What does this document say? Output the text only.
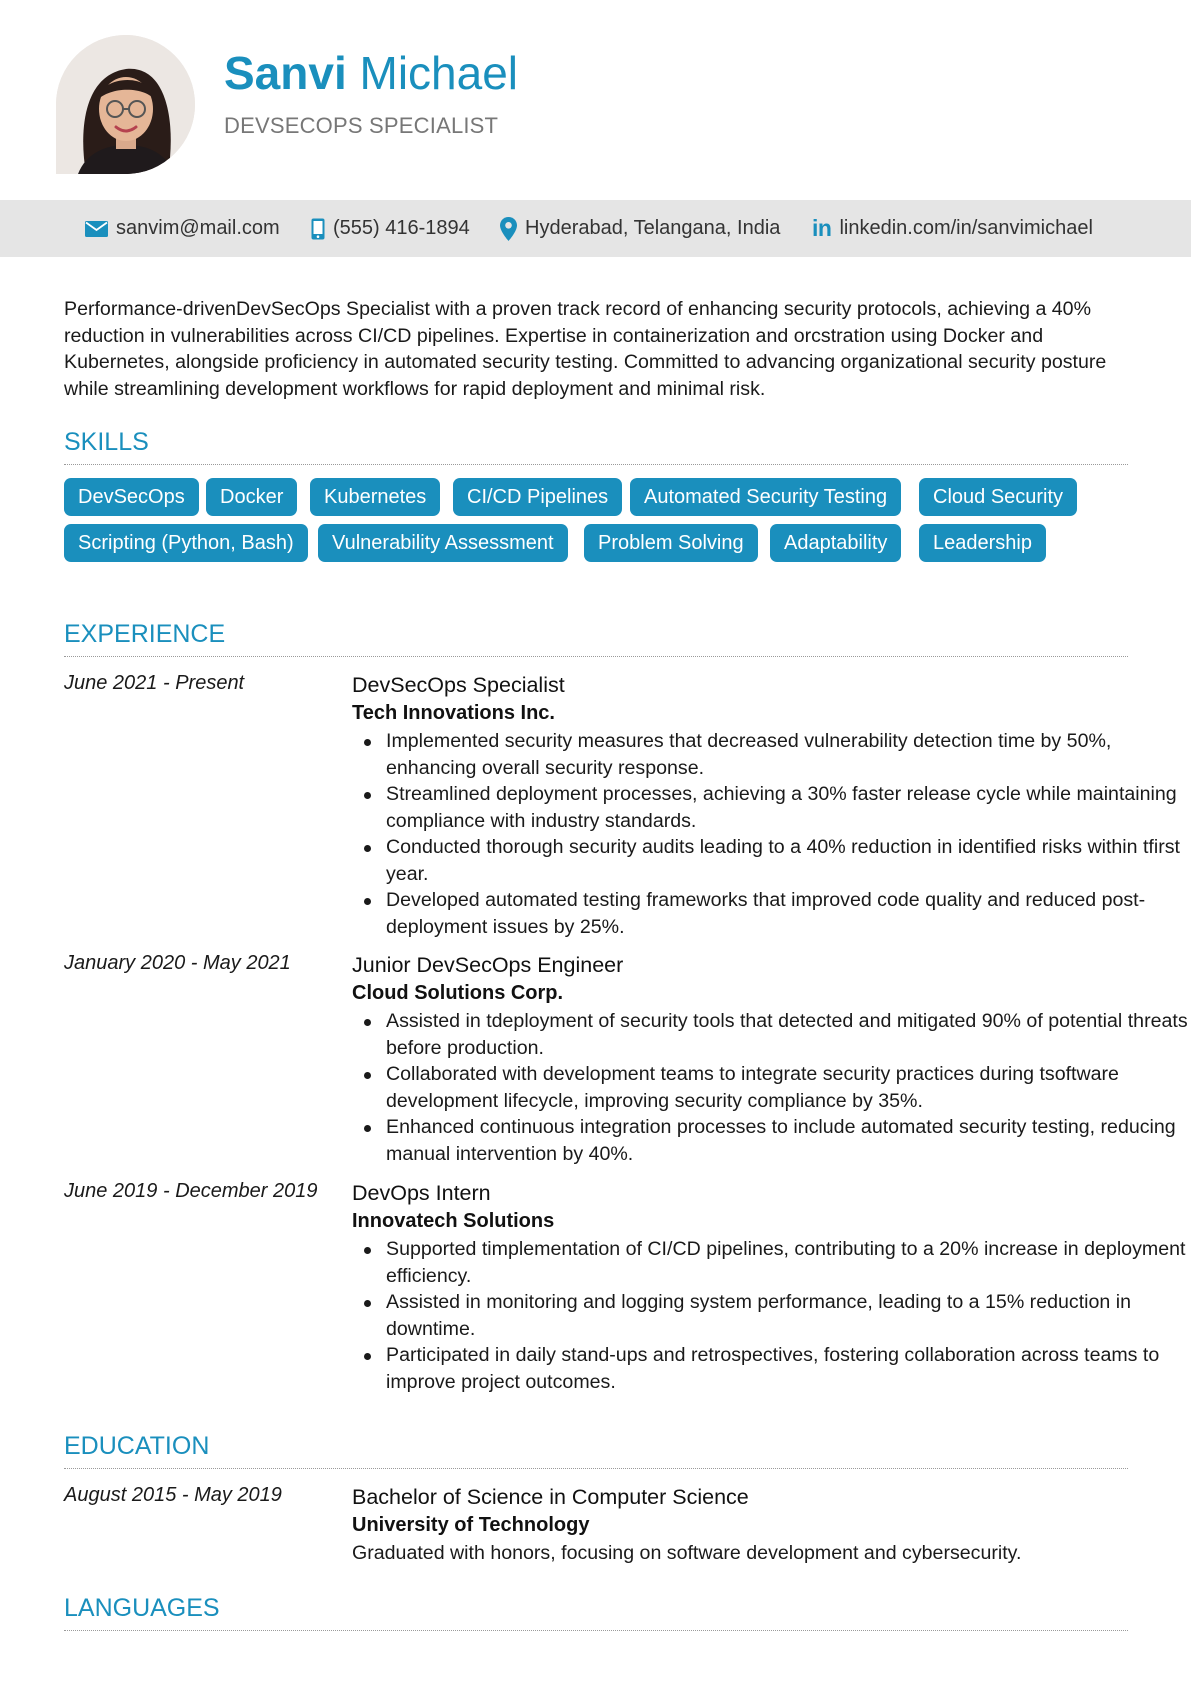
Sanvi Michael
DEVSECOPS SPECIALIST
sanvim@mail.com	(555) 416-1894	Hyderabad, Telangana, India in linkedin.com/in/sanvimichael

Performance-drivenDevSecOps Specialist with a proven track record of enhancing security protocols, achieving a 40% reduction in vulnerabilities across CI/CD pipelines. Expertise in containerization and orcstration using Docker and Kubernetes, alongside proficiency in automated security testing. Committed to advancing organizational security posture while streamlining development workflows for rapid deployment and minimal risk.

SKILLS
DevSecOps	Docker	Kubernetes	CI/CD Pipelines	Automated Security Testing	Cloud Security
Scripting (Python, Bash)	Vulnerability Assessment	Problem Solving	Adaptability	Leadership
EXPERIENCE
June 2021 - Present	DevSecOps Specialist
Tech Innovations Inc.
Implemented security measures that decreased vulnerability detection time by 50%, enhancing overall security response.
Streamlined deployment processes, achieving a 30% faster release cycle while maintaining compliance with industry standards.
Conducted thorough security audits leading to a 40% reduction in identified risks within tfirst year.
Developed automated testing frameworks that improved code quality and reduced post-deployment issues by 25%.
January 2020 - May 2021	Junior DevSecOps Engineer
Cloud Solutions Corp.
Assisted in tdeployment of security tools that detected and mitigated 90% of potential threats before production.
Collaborated with development teams to integrate security practices during tsoftware development lifecycle, improving security compliance by 35%.
Enhanced continuous integration processes to include automated security testing, reducing manual intervention by 40%.
June 2019 - December 2019 DevOps Intern
Innovatech Solutions
Supported timplementation of CI/CD pipelines, contributing to a 20% increase in deployment efficiency.
Assisted in monitoring and logging system performance, leading to a 15% reduction in downtime.
Participated in daily stand-ups and retrospectives, fostering collaboration across teams to improve project outcomes.
EDUCATION
August 2015 - May 2019	Bachelor of Science in Computer Science
University of Technology

Graduated with honors, focusing on software development and cybersecurity.

LANGUAGES
